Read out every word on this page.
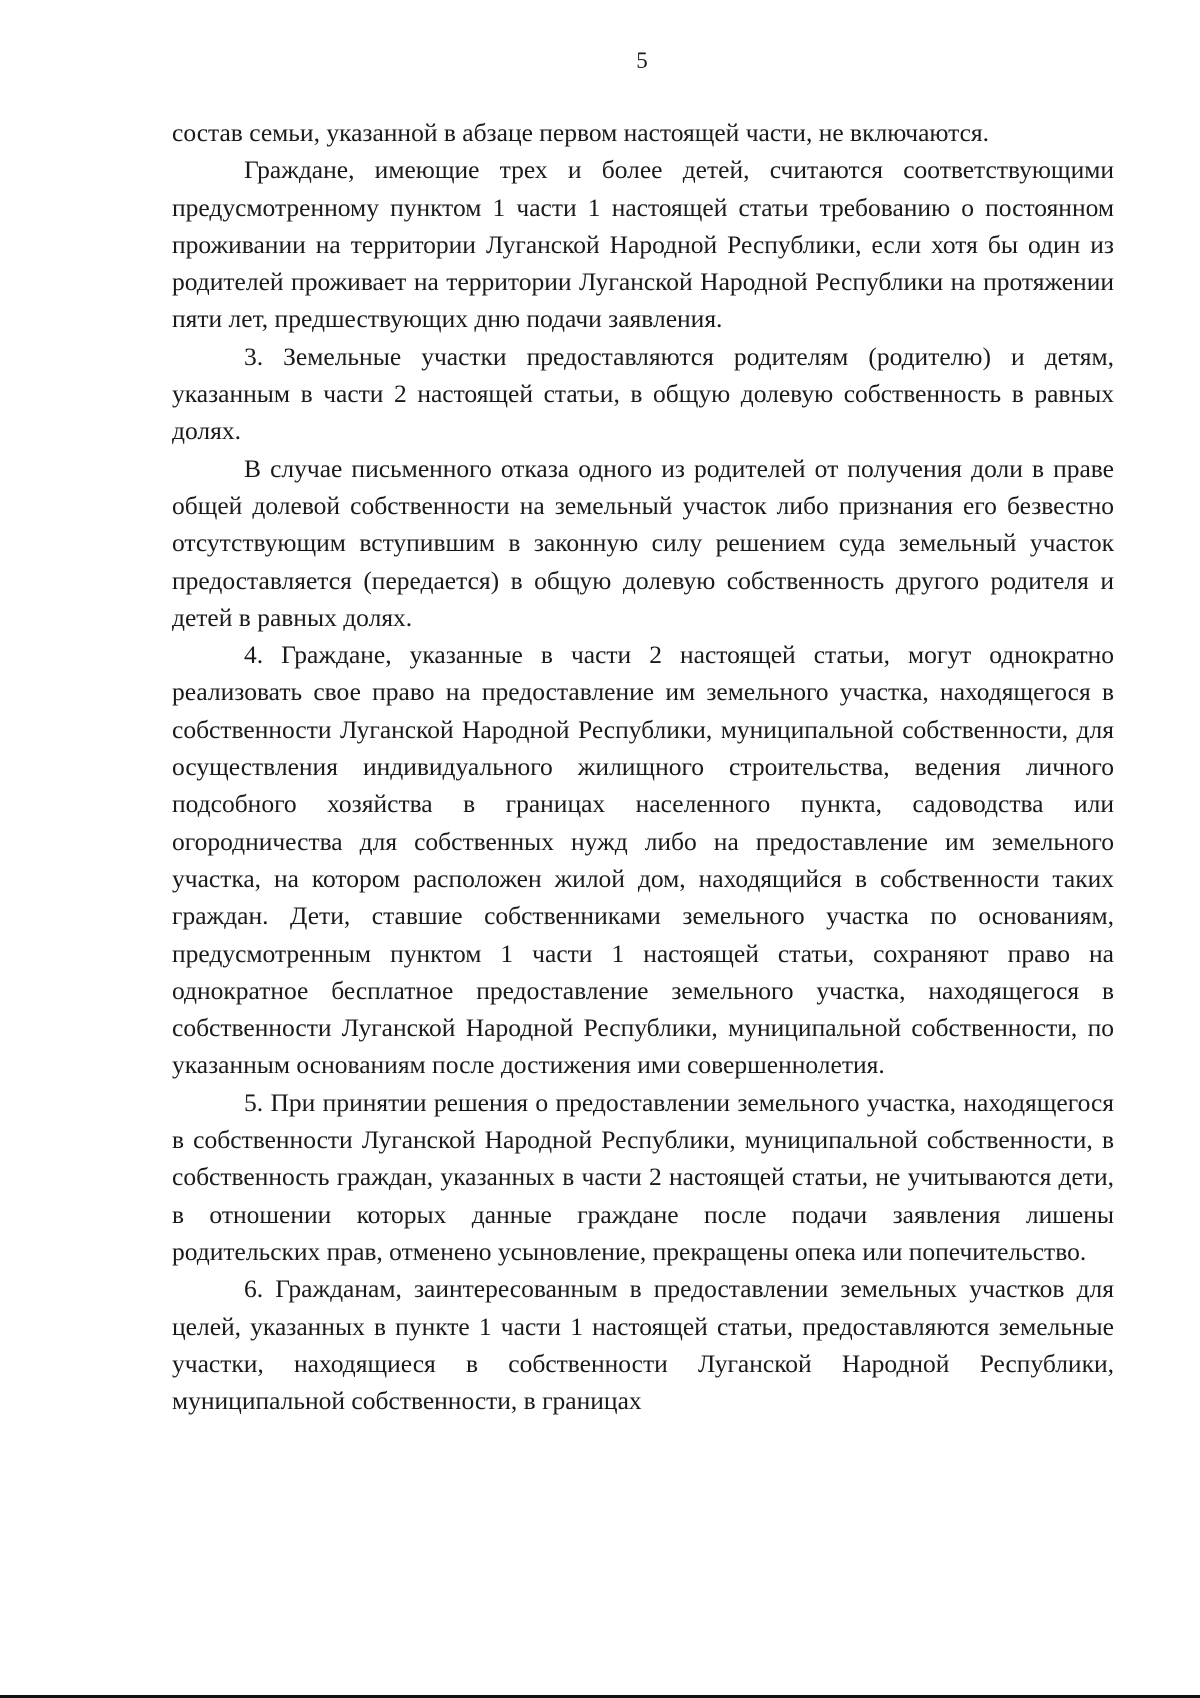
5

состав семьи, указанной в абзаце первом настоящей части, не включаются.

Граждане, имеющие трех и более детей, считаются соответствующими предусмотренному пунктом 1 части 1 настоящей статьи требованию о постоянном проживании на территории Луганской Народной Республики, если хотя бы один из родителей проживает на территории Луганской Народной Республики на протяжении пяти лет, предшествующих дню подачи заявления.

3. Земельные участки предоставляются родителям (родителю) и детям, указанным в части 2 настоящей статьи, в общую долевую собственность в равных долях.

В случае письменного отказа одного из родителей от получения доли в праве общей долевой собственности на земельный участок либо признания его безвестно отсутствующим вступившим в законную силу решением суда земельный участок предоставляется (передается) в общую долевую собственность другого родителя и детей в равных долях.

4. Граждане, указанные в части 2 настоящей статьи, могут однократно реализовать свое право на предоставление им земельного участка, находящегося в собственности Луганской Народной Республики, муниципальной собственности, для осуществления индивидуального жилищного строительства, ведения личного подсобного хозяйства в границах населенного пункта, садоводства или огородничества для собственных нужд либо на предоставление им земельного участка, на котором расположен жилой дом, находящийся в собственности таких граждан. Дети, ставшие собственниками земельного участка по основаниям, предусмотренным пунктом 1 части 1 настоящей статьи, сохраняют право на однократное бесплатное предоставление земельного участка, находящегося в собственности Луганской Народной Республики, муниципальной собственности, по указанным основаниям после достижения ими совершеннолетия.

5. При принятии решения о предоставлении земельного участка, находящегося в собственности Луганской Народной Республики, муниципальной собственности, в собственность граждан, указанных в части 2 настоящей статьи, не учитываются дети, в отношении которых данные граждане после подачи заявления лишены родительских прав, отменено усыновление, прекращены опека или попечительство.

6. Гражданам, заинтересованным в предоставлении земельных участков для целей, указанных в пункте 1 части 1 настоящей статьи, предоставляются земельные участки, находящиеся в собственности Луганской Народной Республики, муниципальной собственности, в границах
